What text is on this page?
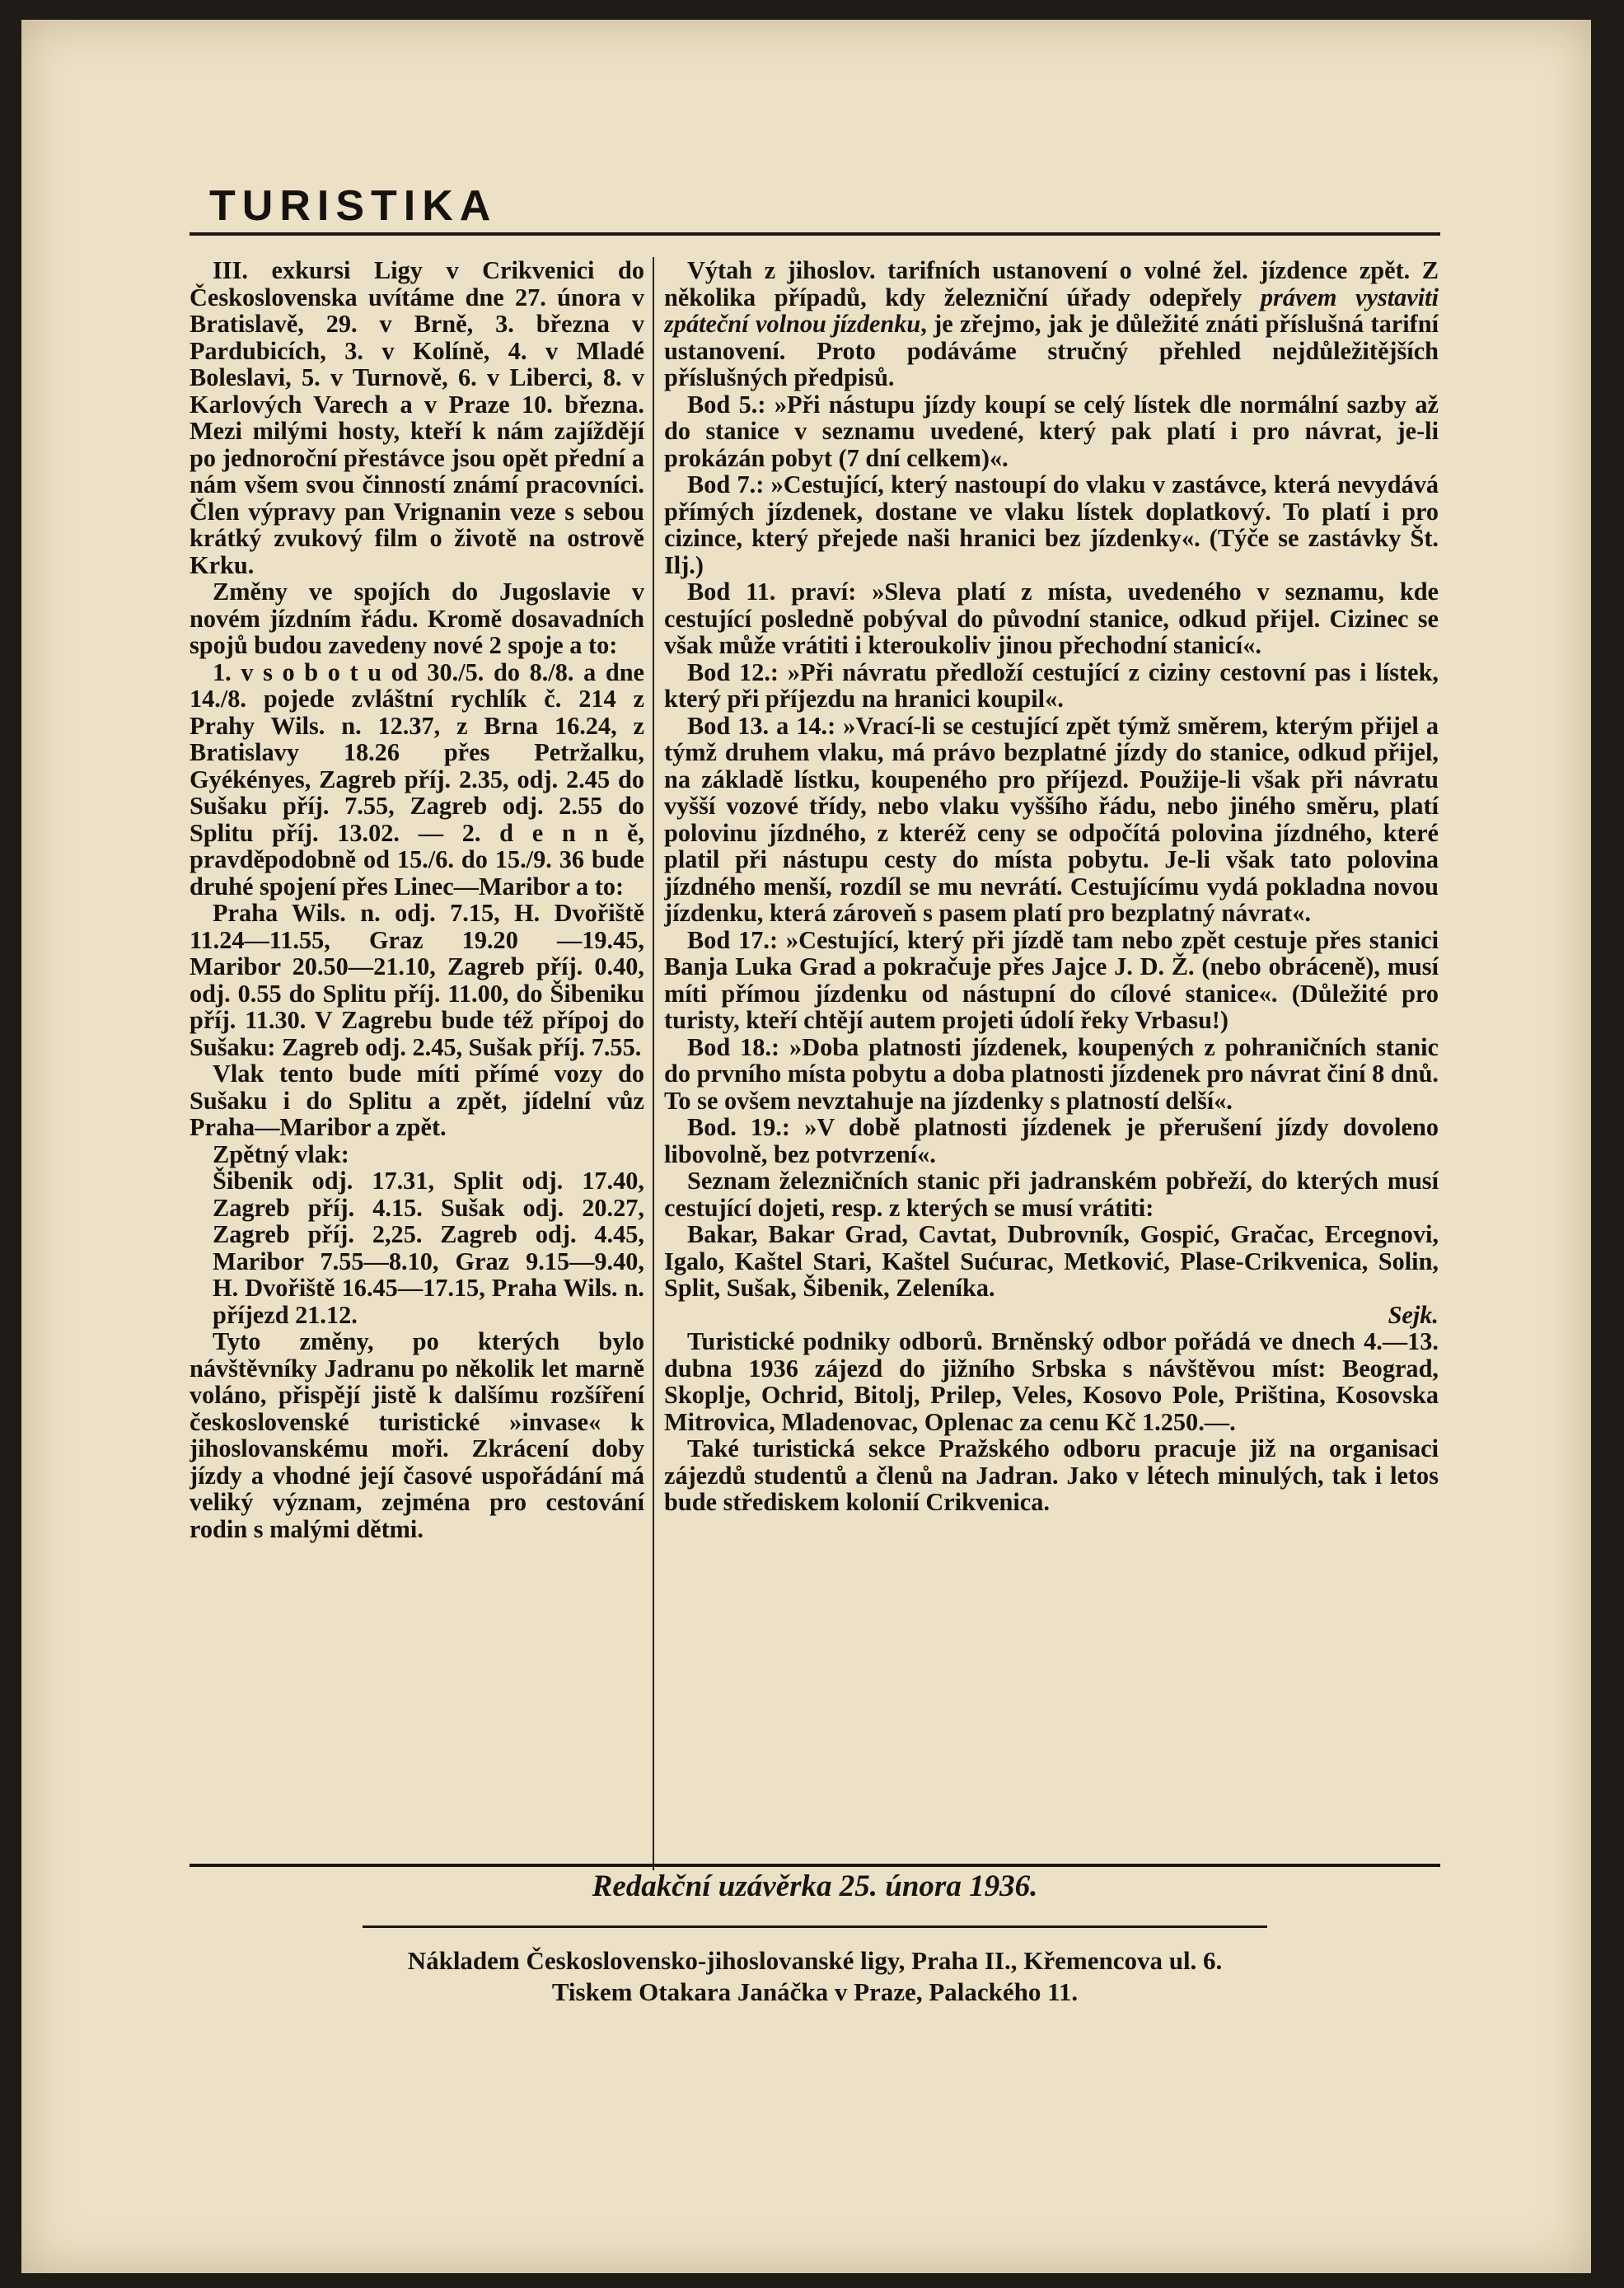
TURISTIKA

III. exkursi Ligy v Crikvenici do Československa uvítáme dne 27. února v Bratislavě, 29. v Brně, 3. března v Pardubicích, 3. v Kolíně, 4. v Mladé Boleslavi, 5. v Turnově, 6. v Liberci, 8. v Karlových Varech a v Praze 10. března. Mezi milými hosty, kteří k nám zajíždějí po jednoroční přestávce jsou opět přední a nám všem svou činností známí pracovníci. Člen výpravy pan Vrignanin veze s sebou krátký zvukový film o životě na ostrově Krku.

Změny ve spojích do Jugoslavie v novém jízdním řádu. Kromě dosavadních spojů budou zavedeny nové 2 spoje a to:

1. v s o b o t u od 30./5. do 8./8. a dne 14./8. pojede zvláštní rychlík č. 214 z Prahy Wils. n. 12.37, z Brna 16.24, z Bratislavy 18.26 přes Petržalku, Gyékényes, Zagreb příj. 2.35, odj. 2.45 do Sušaku příj. 7.55, Zagreb odj. 2.55 do Splitu příj. 13.02. — 2. d e n n ě, pravděpodobně od 15./6. do 15./9. 36 bude druhé spojení přes Linec—Maribor a to:

Praha Wils. n. odj. 7.15, H. Dvořiště 11.24—11.55, Graz 19.20 —19.45, Maribor 20.50—21.10, Zagreb příj. 0.40, odj. 0.55 do Splitu příj. 11.00, do Šibeniku příj. 11.30. V Zagrebu bude též přípoj do Sušaku: Zagreb odj. 2.45, Sušak příj. 7.55.

Vlak tento bude míti přímé vozy do Sušaku i do Splitu a zpět, jídelní vůz Praha—Maribor a zpět.

Zpětný vlak:

Šibenik odj. 17.31, Split odj. 17.40, Zagreb příj. 4.15. Sušak odj. 20.27, Zagreb příj. 2,25. Zagreb odj. 4.45, Maribor 7.55—8.10, Graz 9.15—9.40, H. Dvořiště 16.45—17.15, Praha Wils. n. příjezd 21.12.

Tyto změny, po kterých bylo návštěvníky Jadranu po několik let marně voláno, přispějí jistě k dalšímu rozšíření československé turistické »invase« k jihoslovanskému moři. Zkrácení doby jízdy a vhodné její časové uspořádání má veliký význam, zejména pro cestování rodin s malými dětmi.

Výtah z jihoslov. tarifních ustanovení o volné žel. jízdence zpět. Z několika případů, kdy železniční úřady odepřely právem vystaviti zpáteční volnou jízdenku, je zřejmo, jak je důležité znáti příslušná tarifní ustanovení. Proto podáváme stručný přehled nejdůležitějších příslušných předpisů.

Bod 5.: »Při nástupu jízdy koupí se celý lístek dle normální sazby až do stanice v seznamu uvedené, který pak platí i pro návrat, je-li prokázán pobyt (7 dní celkem)«.

Bod 7.: »Cestující, který nastoupí do vlaku v zastávce, která nevydává přímých jízdenek, dostane ve vlaku lístek doplatkový. To platí i pro cizince, který přejede naši hranici bez jízdenky«. (Týče se zastávky Št. Ilj.)

Bod 11. praví: »Sleva platí z místa, uvedeného v seznamu, kde cestující posledně pobýval do původní stanice, odkud přijel. Cizinec se však může vrátiti i kteroukoliv jinou přechodní stanicí«.

Bod 12.: »Při návratu předloží cestující z ciziny cestovní pas i lístek, který při příjezdu na hranici koupil«.

Bod 13. a 14.: »Vrací-li se cestující zpět týmž směrem, kterým přijel a týmž druhem vlaku, má právo bezplatné jízdy do stanice, odkud přijel, na základě lístku, koupeného pro příjezd. Použije-li však při návratu vyšší vozové třídy, nebo vlaku vyššího řádu, nebo jiného směru, platí polovinu jízdného, z kteréž ceny se odpočítá polovina jízdného, které platil při nástupu cesty do místa pobytu. Je-li však tato polovina jízdného menší, rozdíl se mu nevrátí. Cestujícímu vydá pokladna novou jízdenku, která zároveň s pasem platí pro bezplatný návrat«.

Bod 17.: »Cestující, který při jízdě tam nebo zpět cestuje přes stanici Banja Luka Grad a pokračuje přes Jajce J. D. Ž. (nebo obráceně), musí míti přímou jízdenku od nástupní do cílové stanice«. (Důležité pro turisty, kteří chtějí autem projeti údolí řeky Vrbasu!)

Bod 18.: »Doba platnosti jízdenek, koupených z pohraničních stanic do prvního místa pobytu a doba platnosti jízdenek pro návrat činí 8 dnů. To se ovšem nevztahuje na jízdenky s platností delší«.

Bod. 19.: »V době platnosti jízdenek je přerušení jízdy dovoleno libovolně, bez potvrzení«.

Seznam železničních stanic při jadranském pobřeží, do kterých musí cestující dojeti, resp. z kterých se musí vrátiti:

Bakar, Bakar Grad, Cavtat, Dubrovník, Gospić, Gračac, Ercegnovi, Igalo, Kaštel Stari, Kaštel Sućurac, Metković, Plase-Crikvenica, Solin, Split, Sušak, Šibenik, Zeleníka.
Sejk.

Turistické podniky odborů. Brněnský odbor pořádá ve dnech 4.—13. dubna 1936 zájezd do jižního Srbska s návštěvou míst: Beograd, Skoplje, Ochrid, Bitolj, Prilep, Veles, Kosovo Pole, Priština, Kosovska Mitrovica, Mladenovac, Oplenac za cenu Kč 1.250.—.

Také turistická sekce Pražského odboru pracuje již na organisaci zájezdů studentů a členů na Jadran. Jako v létech minulých, tak i letos bude střediskem kolonií Crikvenica.

Redakční uzávěrka 25. února 1936.
Nákladem Československo-jihoslovanské ligy, Praha II., Křemencova ul. 6.
Tiskem Otakara Janáčka v Praze, Palackého 11.
